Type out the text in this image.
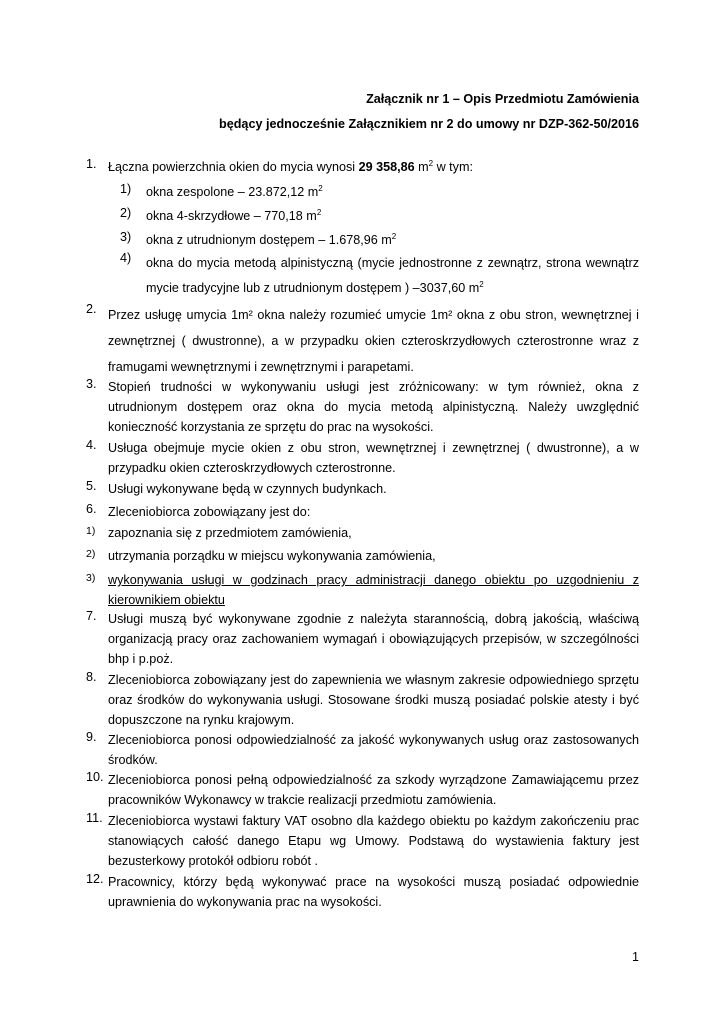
Załącznik nr 1 – Opis Przedmiotu Zamówienia
będący jednocześnie Załącznikiem nr 2 do umowy nr DZP-362-50/2016
1. Łączna powierzchnia okien do mycia wynosi 29 358,86 $m^2$ w tym:
1) okna zespolone – 23.872,12 $m^2$
2) okna 4-skrzydłowe – 770,18 $m^2$
3) okna z utrudnionym dostępem – 1.678,96 $m^2$
4) okna do mycia metodą alpinistyczną (mycie jednostronne z zewnątrz, strona wewnątrz mycie tradycyjne lub z utrudnionym dostępem ) –3037,60 $m^2$
2. Przez usługę umycia 1m² okna należy rozumieć umycie 1m² okna z obu stron, wewnętrznej i zewnętrznej ( dwustronne), a w przypadku okien czteroskrzydłowych czterostronne wraz z framugami wewnętrznymi i zewnętrznymi i parapetami.
3. Stopień trudności w wykonywaniu usługi jest zróżnicowany: w tym również, okna z utrudnionym dostępem oraz okna do mycia metodą alpinistyczną. Należy uwzględnić konieczność korzystania ze sprzętu do prac na wysokości.
4. Usługa obejmuje mycie okien z obu stron, wewnętrznej i zewnętrznej ( dwustronne), a w przypadku okien czteroskrzydłowych czterostronne.
5. Usługi wykonywane będą w czynnych budynkach.
6. Zleceniobiorca zobowiązany jest do:
1) zapoznania się z przedmiotem zamówienia,
2) utrzymania porządku w miejscu wykonywania zamówienia,
3) wykonywania usługi w godzinach pracy administracji danego obiektu po uzgodnieniu z kierownikiem obiektu
7. Usługi muszą być wykonywane zgodnie z należyta starannością, dobrą jakością, właściwą organizacją pracy oraz zachowaniem wymagań i obowiązujących przepisów, w szczególności bhp i p.poż.
8. Zleceniobiorca zobowiązany jest do zapewnienia we własnym zakresie odpowiedniego sprzętu oraz środków do wykonywania usługi. Stosowane środki muszą posiadać polskie atesty i być dopuszczone na rynku krajowym.
9. Zleceniobiorca ponosi odpowiedzialność za jakość wykonywanych usług oraz zastosowanych środków.
10. Zleceniobiorca ponosi pełną odpowiedzialność za szkody wyrządzone Zamawiającemu przez pracowników Wykonawcy w trakcie realizacji przedmiotu zamówienia.
11. Zleceniobiorca wystawi faktury VAT osobno dla każdego obiektu po każdym zakończeniu prac stanowiących całość danego Etapu wg Umowy. Podstawą do wystawienia faktury jest bezusterkowy protokół odbioru robót .
12. Pracownicy, którzy będą wykonywać prace na wysokości muszą posiadać odpowiednie uprawnienia do wykonywania prac na wysokości.
1
